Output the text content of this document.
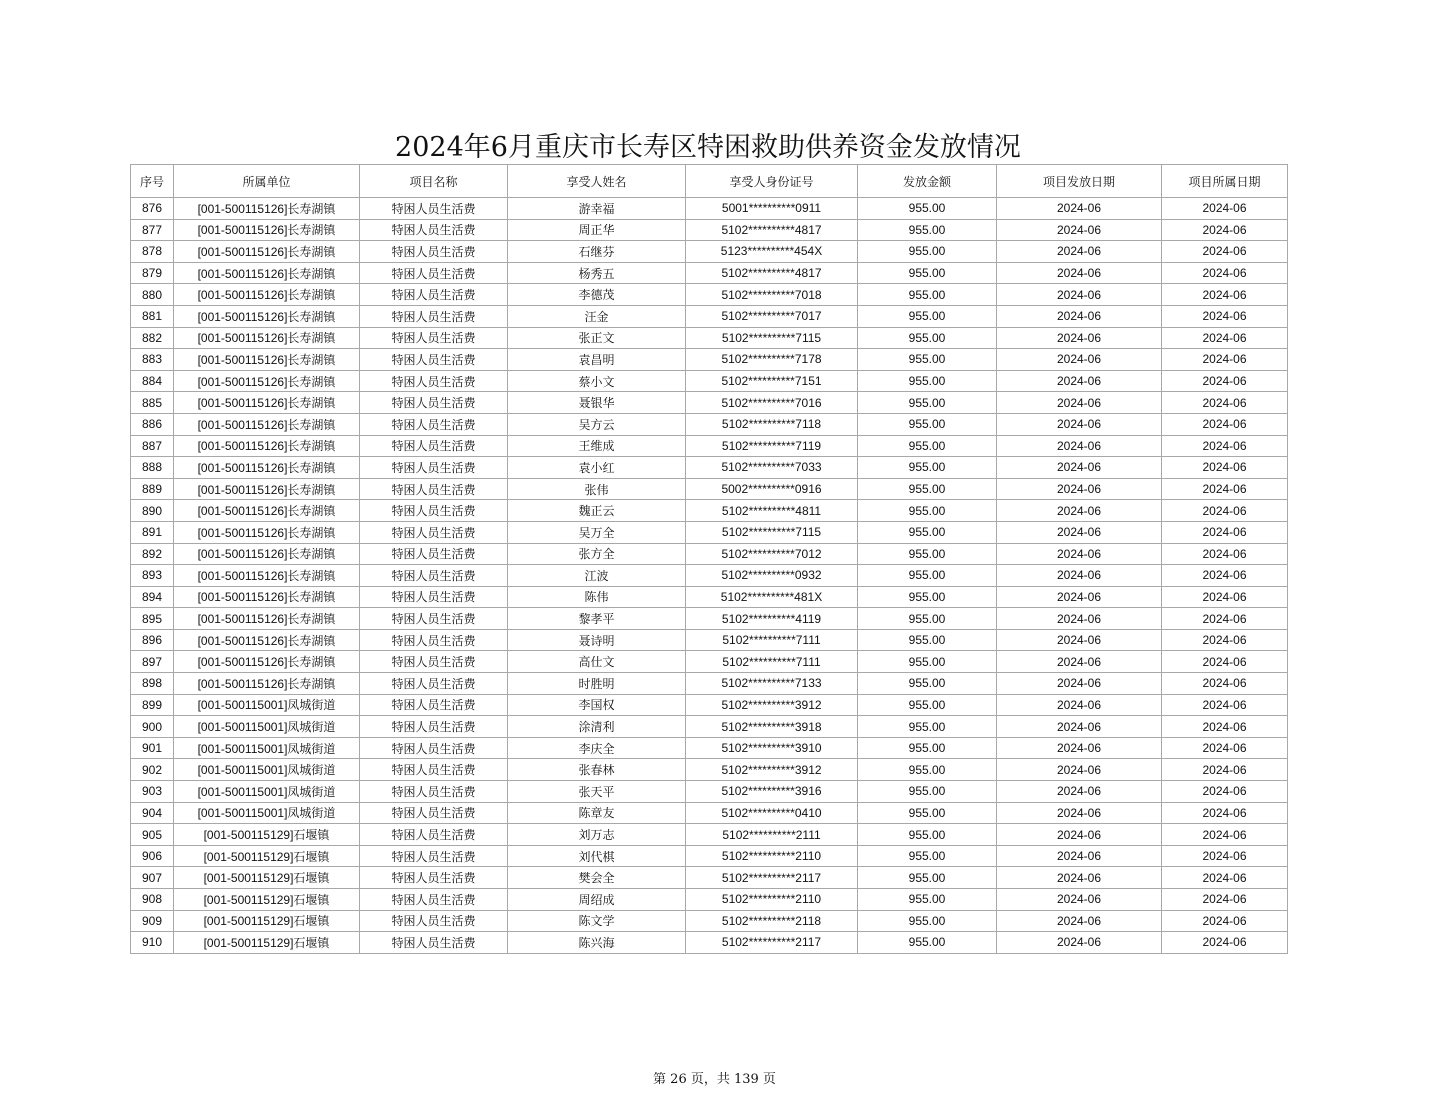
2024年6月重庆市长寿区特困救助供养资金发放情况
序号	所属单位	项目名称	享受人姓名	享受人身份证号	发放金额	项目发放日期	项目所属日期
876	[001-500115126]长寿湖镇	特困人员生活费	游幸福	5001**********0911	955.00	2024-06	2024-06
877	[001-500115126]长寿湖镇	特困人员生活费	周正华	5102**********4817	955.00	2024-06	2024-06
878	[001-500115126]长寿湖镇	特困人员生活费	石继芬	5123**********454X	955.00	2024-06	2024-06
879	[001-500115126]长寿湖镇	特困人员生活费	杨秀五	5102**********4817	955.00	2024-06	2024-06
880	[001-500115126]长寿湖镇	特困人员生活费	李德茂	5102**********7018	955.00	2024-06	2024-06
881	[001-500115126]长寿湖镇	特困人员生活费	汪金	5102**********7017	955.00	2024-06	2024-06
882	[001-500115126]长寿湖镇	特困人员生活费	张正文	5102**********7115	955.00	2024-06	2024-06
883	[001-500115126]长寿湖镇	特困人员生活费	袁昌明	5102**********7178	955.00	2024-06	2024-06
884	[001-500115126]长寿湖镇	特困人员生活费	蔡小文	5102**********7151	955.00	2024-06	2024-06
885	[001-500115126]长寿湖镇	特困人员生活费	聂银华	5102**********7016	955.00	2024-06	2024-06
886	[001-500115126]长寿湖镇	特困人员生活费	吴方云	5102**********7118	955.00	2024-06	2024-06
887	[001-500115126]长寿湖镇	特困人员生活费	王维成	5102**********7119	955.00	2024-06	2024-06
888	[001-500115126]长寿湖镇	特困人员生活费	袁小红	5102**********7033	955.00	2024-06	2024-06
889	[001-500115126]长寿湖镇	特困人员生活费	张伟	5002**********0916	955.00	2024-06	2024-06
890	[001-500115126]长寿湖镇	特困人员生活费	魏正云	5102**********4811	955.00	2024-06	2024-06
891	[001-500115126]长寿湖镇	特困人员生活费	吴万全	5102**********7115	955.00	2024-06	2024-06
892	[001-500115126]长寿湖镇	特困人员生活费	张方全	5102**********7012	955.00	2024-06	2024-06
893	[001-500115126]长寿湖镇	特困人员生活费	江波	5102**********0932	955.00	2024-06	2024-06
894	[001-500115126]长寿湖镇	特困人员生活费	陈伟	5102**********481X	955.00	2024-06	2024-06
895	[001-500115126]长寿湖镇	特困人员生活费	黎孝平	5102**********4119	955.00	2024-06	2024-06
896	[001-500115126]长寿湖镇	特困人员生活费	聂诗明	5102**********7111	955.00	2024-06	2024-06
897	[001-500115126]长寿湖镇	特困人员生活费	高仕文	5102**********7111	955.00	2024-06	2024-06
898	[001-500115126]长寿湖镇	特困人员生活费	时胜明	5102**********7133	955.00	2024-06	2024-06
899	[001-500115001]凤城街道	特困人员生活费	李国权	5102**********3912	955.00	2024-06	2024-06
900	[001-500115001]凤城街道	特困人员生活费	涂清利	5102**********3918	955.00	2024-06	2024-06
901	[001-500115001]凤城街道	特困人员生活费	李庆全	5102**********3910	955.00	2024-06	2024-06
902	[001-500115001]凤城街道	特困人员生活费	张春林	5102**********3912	955.00	2024-06	2024-06
903	[001-500115001]凤城街道	特困人员生活费	张天平	5102**********3916	955.00	2024-06	2024-06
904	[001-500115001]凤城街道	特困人员生活费	陈章友	5102**********0410	955.00	2024-06	2024-06
905	[001-500115129]石堰镇	特困人员生活费	刘万志	5102**********2111	955.00	2024-06	2024-06
906	[001-500115129]石堰镇	特困人员生活费	刘代棋	5102**********2110	955.00	2024-06	2024-06
907	[001-500115129]石堰镇	特困人员生活费	樊会全	5102**********2117	955.00	2024-06	2024-06
908	[001-500115129]石堰镇	特困人员生活费	周绍成	5102**********2110	955.00	2024-06	2024-06
909	[001-500115129]石堰镇	特困人员生活费	陈文学	5102**********2118	955.00	2024-06	2024-06
910	[001-500115129]石堰镇	特困人员生活费	陈兴海	5102**********2117	955.00	2024-06	2024-06
第 26 页，共 139 页
